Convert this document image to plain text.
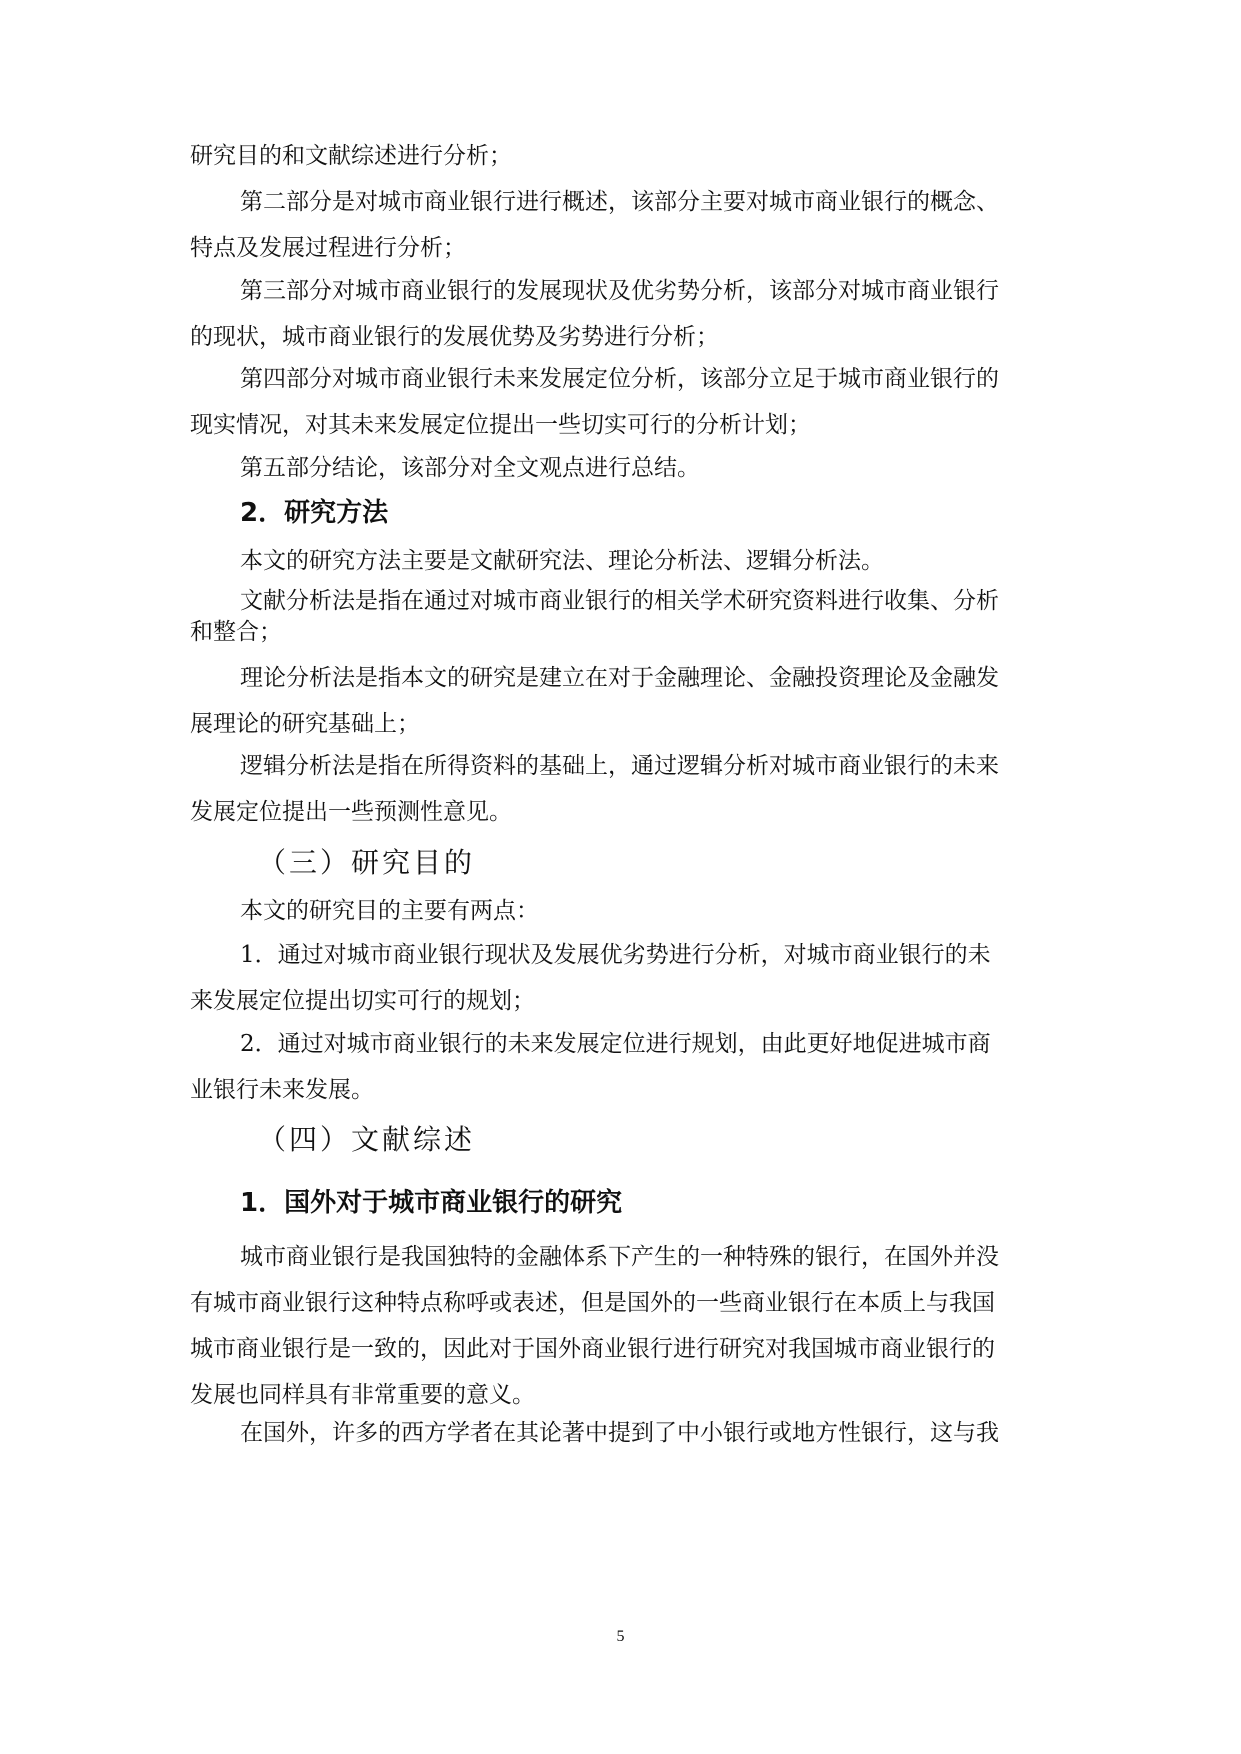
研究目的和文献综述进行分析；
第二部分是对城市商业银行进行概述，该部分主要对城市商业银行的概念、
特点及发展过程进行分析；
第三部分对城市商业银行的发展现状及优劣势分析，该部分对城市商业银行
的现状，城市商业银行的发展优势及劣势进行分析；
第四部分对城市商业银行未来发展定位分析，该部分立足于城市商业银行的
现实情况，对其未来发展定位提出一些切实可行的分析计划；
第五部分结论，该部分对全文观点进行总结。
2．研究方法
本文的研究方法主要是文献研究法、理论分析法、逻辑分析法。
文献分析法是指在通过对城市商业银行的相关学术研究资料进行收集、分析
和整合；
理论分析法是指本文的研究是建立在对于金融理论、金融投资理论及金融发
展理论的研究基础上；
逻辑分析法是指在所得资料的基础上，通过逻辑分析对城市商业银行的未来
发展定位提出一些预测性意见。
（三）研究目的
本文的研究目的主要有两点：
1．通过对城市商业银行现状及发展优劣势进行分析，对城市商业银行的未
来发展定位提出切实可行的规划；
2．通过对城市商业银行的未来发展定位进行规划，由此更好地促进城市商
业银行未来发展。
（四）文献综述
1．国外对于城市商业银行的研究
城市商业银行是我国独特的金融体系下产生的一种特殊的银行，在国外并没
有城市商业银行这种特点称呼或表述，但是国外的一些商业银行在本质上与我国
城市商业银行是一致的，因此对于国外商业银行进行研究对我国城市商业银行的
发展也同样具有非常重要的意义。
在国外，许多的西方学者在其论著中提到了中小银行或地方性银行，这与我
5
